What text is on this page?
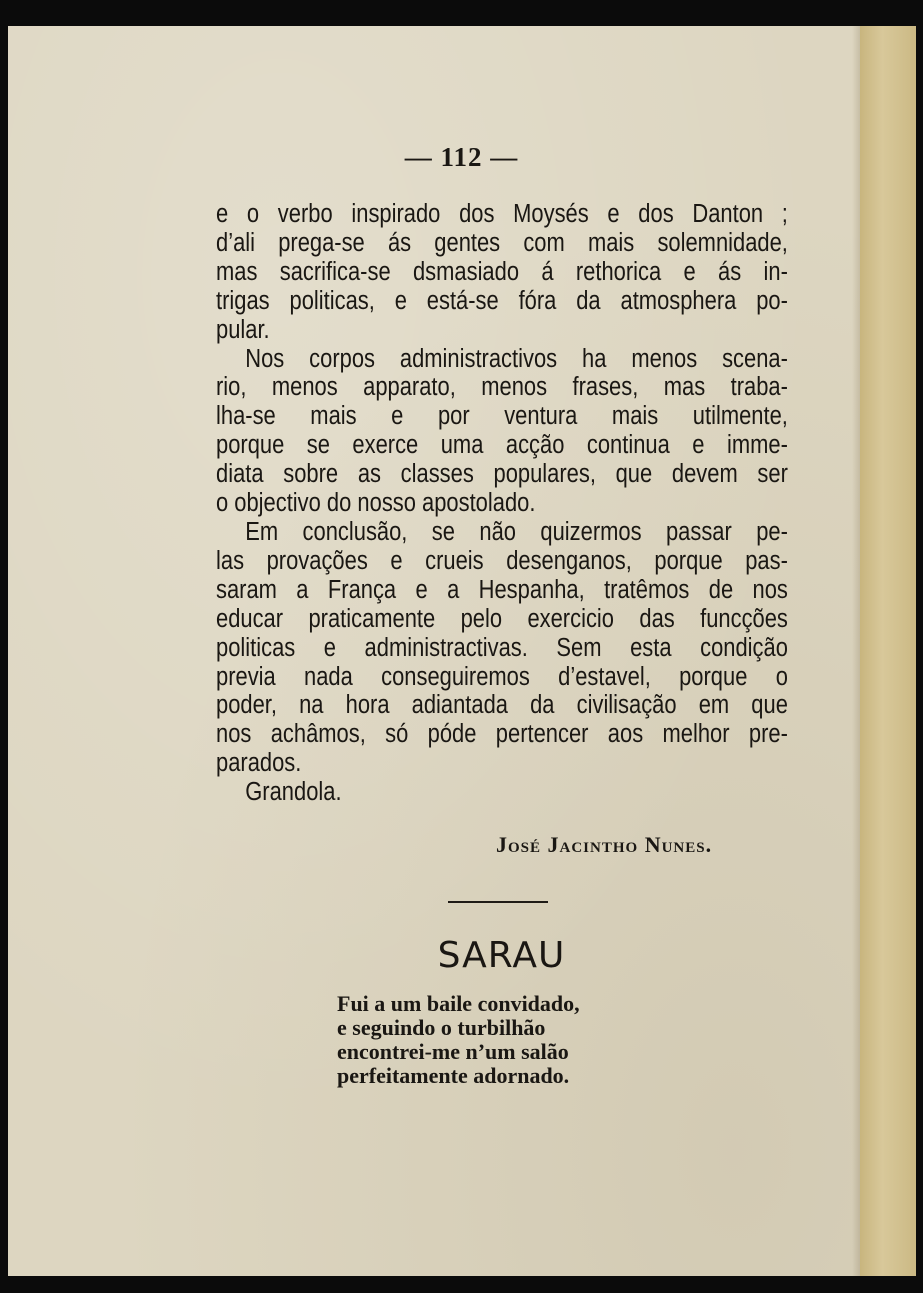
— 112 —
e o verbo inspirado dos Moysés e dos Danton ;
d’ali prega-se ás gentes com mais solemnidade,
mas sacrifica-se dsmasiado á rethorica e ás in-
trigas politicas, e está-se fóra da atmosphera po-
pular.
Nos corpos administractivos ha menos scena-
rio, menos apparato, menos frases, mas traba-
lha-se mais e por ventura mais utilmente,
porque se exerce uma acção continua e imme-
diata sobre as classes populares, que devem ser
o objectivo do nosso apostolado.
Em conclusão, se não quizermos passar pe-
las provações e crueis desenganos, porque pas-
saram a França e a Hespanha, tratêmos de nos
educar praticamente pelo exercicio das funcções
politicas e administractivas. Sem esta condição
previa nada conseguiremos d’estavel, porque o
poder, na hora adiantada da civilisação em que
nos achâmos, só póde pertencer aos melhor pre-
parados.
Grandola.
José Jacintho Nunes.
SARAU
Fui a um baile convidado,
e seguindo o turbilhão
encontrei-me n’um salão
perfeitamente adornado.
